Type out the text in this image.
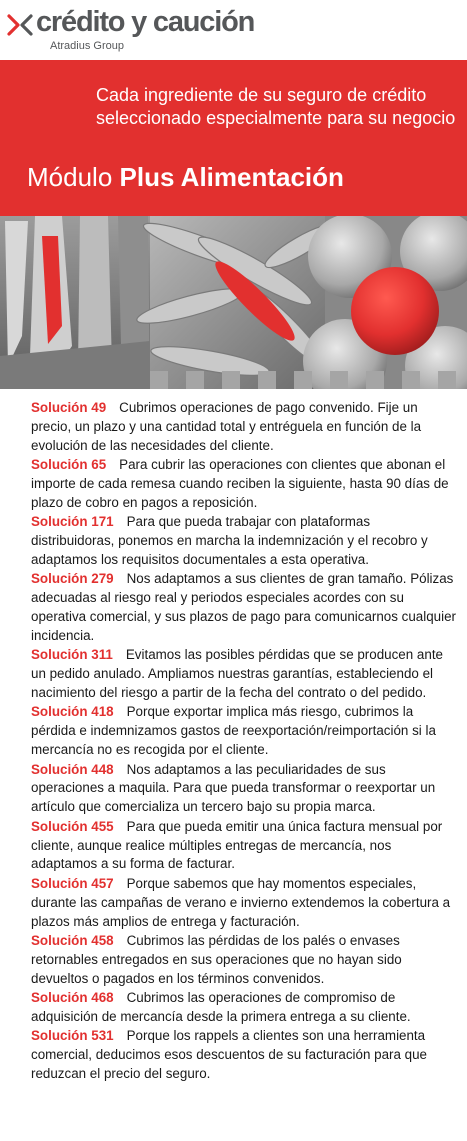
crédito y caución
Atradius Group
Cada ingrediente de su seguro de crédito
seleccionado especialmente para su negocio
Módulo Plus Alimentación

Solución 49 Cubrimos operaciones de pago convenido. Fije un precio, un plazo y una cantidad total y entréguela en función de la evolución de las necesidades del cliente.

Solución 65 Para cubrir las operaciones con clientes que abonan el importe de cada remesa cuando reciben la siguiente, hasta 90 días de plazo de cobro en pagos a reposición.

Solución 171 Para que pueda trabajar con plataformas distribuidoras, ponemos en marcha la indemnización y el recobro y adaptamos los requisitos documentales a esta operativa.

Solución 279 Nos adaptamos a sus clientes de gran tamaño. Pólizas adecuadas al riesgo real y periodos especiales acordes con su operativa comercial, y sus plazos de pago para comunicarnos cualquier incidencia.

Solución 311 Evitamos las posibles pérdidas que se producen ante un pedido anulado. Ampliamos nuestras garantías, estableciendo el nacimiento del riesgo a partir de la fecha del contrato o del pedido.

Solución 418 Porque exportar implica más riesgo, cubrimos la pérdida e indemnizamos gastos de reexportación/reimportación si la mercancía no es recogida por el cliente.

Solución 448 Nos adaptamos a las peculiaridades de sus operaciones a maquila. Para que pueda transformar o reexportar un artículo que comercializa un tercero bajo su propia marca.

Solución 455 Para que pueda emitir una única factura mensual por cliente, aunque realice múltiples entregas de mercancía, nos adaptamos a su forma de facturar.

Solución 457 Porque sabemos que hay momentos especiales, durante las campañas de verano e invierno extendemos la cobertura a plazos más amplios de entrega y facturación.

Solución 458 Cubrimos las pérdidas de los palés o envases retornables entregados en sus operaciones que no hayan sido devueltos o pagados en los términos convenidos.

Solución 468 Cubrimos las operaciones de compromiso de adquisición de mercancía desde la primera entrega a su cliente.

Solución 531 Porque los rappels a clientes son una herramienta comercial, deducimos esos descuentos de su facturación para que reduzcan el precio del seguro.
